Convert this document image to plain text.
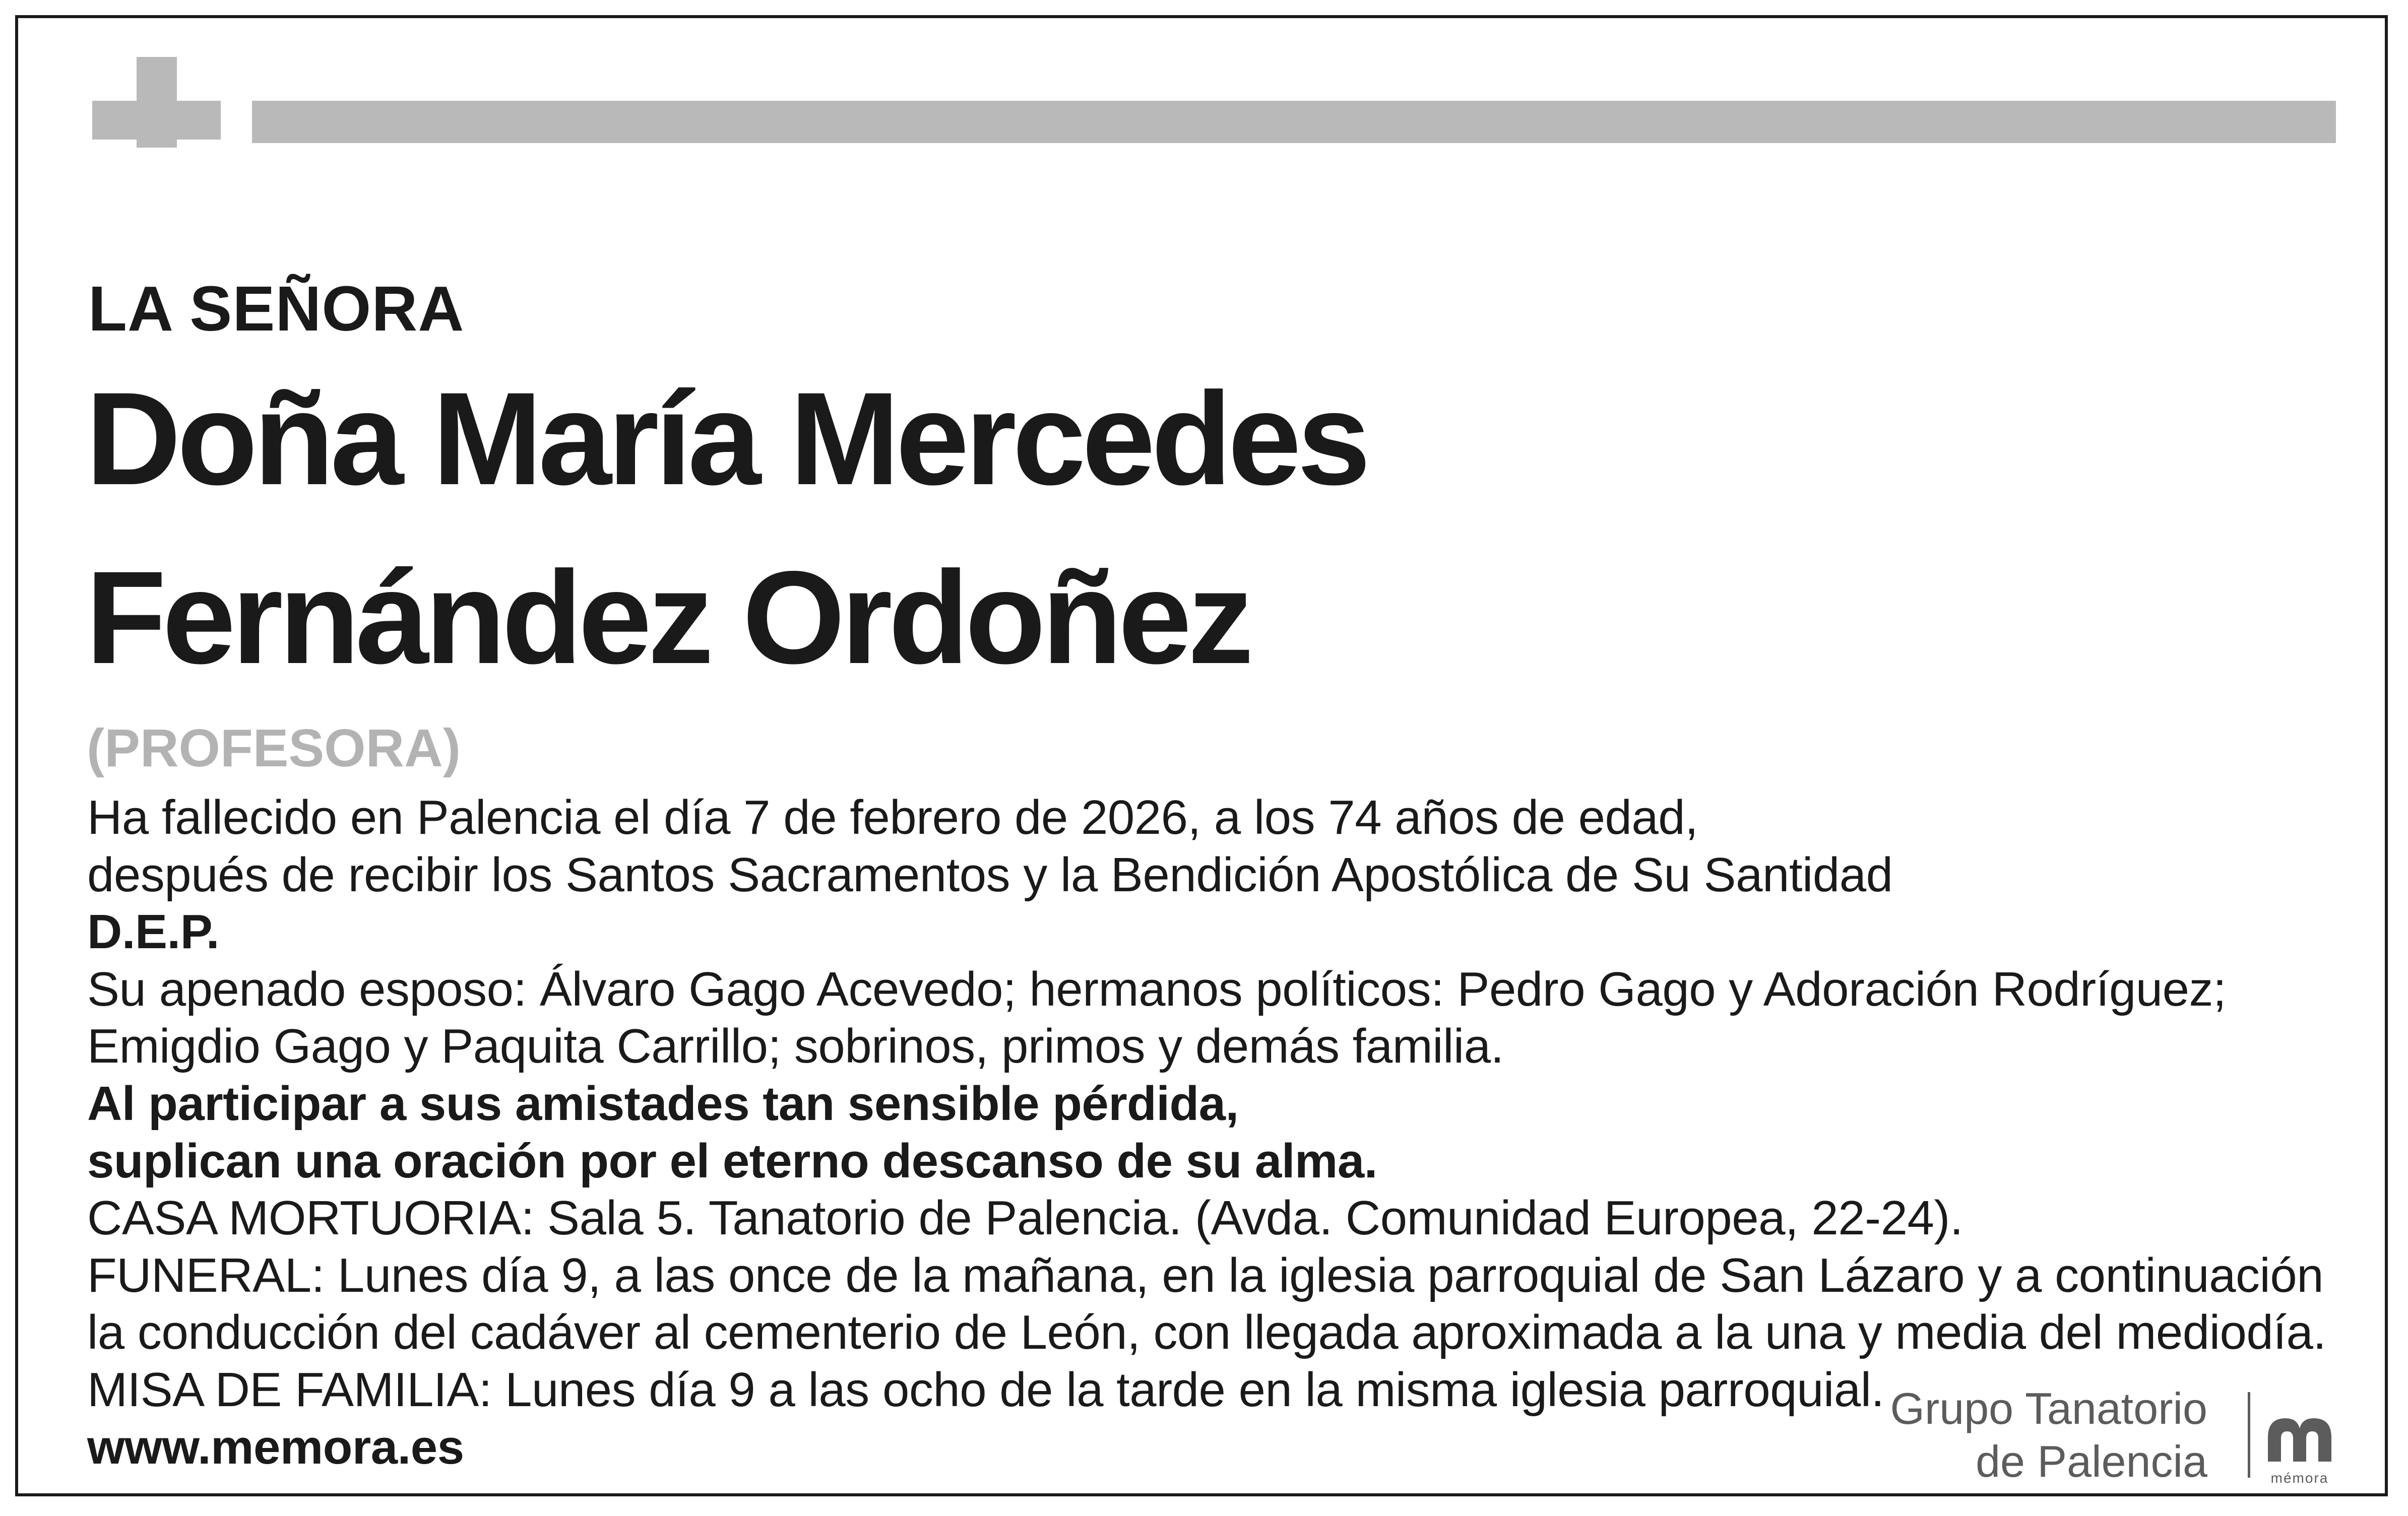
LA SEÑORA
Doña María Mercedes
Fernández Ordoñez
(PROFESORA)
Ha fallecido en Palencia el día 7 de febrero de 2026, a los 74 años de edad,
después de recibir los Santos Sacramentos y la Bendición Apostólica de Su Santidad
D.E.P.
Su apenado esposo: Álvaro Gago Acevedo; hermanos políticos: Pedro Gago y Adoración Rodríguez;
Emigdio Gago y Paquita Carrillo; sobrinos, primos y demás familia.
Al participar a sus amistades tan sensible pérdida,
suplican una oración por el eterno descanso de su alma.
CASA MORTUORIA: Sala 5. Tanatorio de Palencia. (Avda. Comunidad Europea, 22-24).
FUNERAL: Lunes día 9, a las once de la mañana, en la iglesia parroquial de San Lázaro y a continuación
la conducción del cadáver al cementerio de León, con llegada aproximada a la una y media del mediodía.
MISA DE FAMILIA: Lunes día 9 a las ocho de la tarde en la misma iglesia parroquial.
www.memora.es
Grupo Tanatorio
de Palencia	mémora
